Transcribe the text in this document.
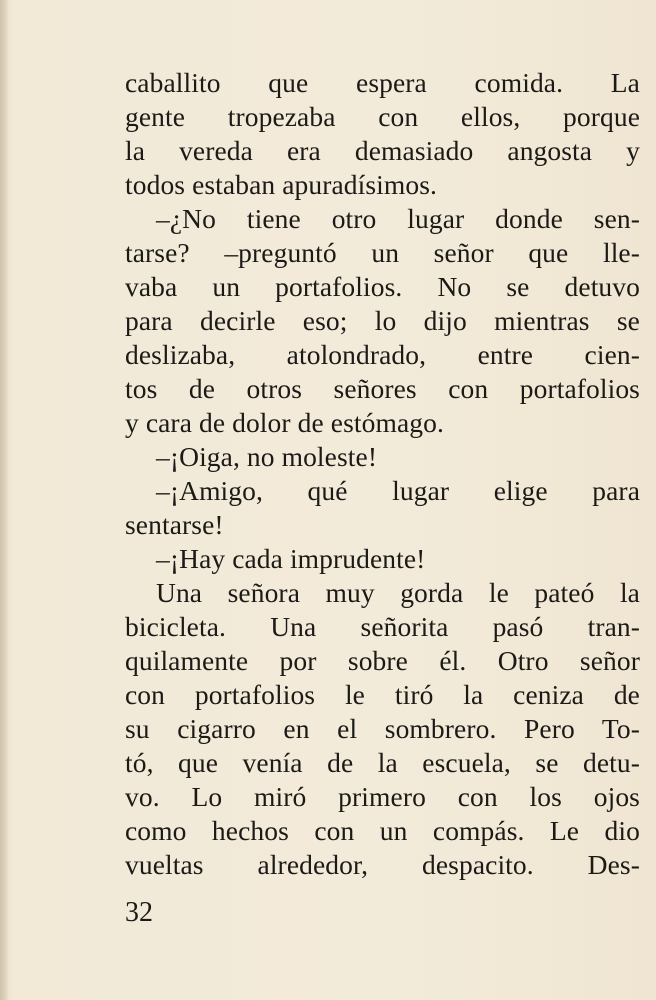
caballito que espera comida. La
gente tropezaba con ellos, porque
la vereda era demasiado angosta y
todos estaban apuradísimos.
–¿No tiene otro lugar donde sen-
tarse? –preguntó un señor que lle-
vaba un portafolios. No se detuvo
para decirle eso; lo dijo mientras se
deslizaba, atolondrado, entre cien-
tos de otros señores con portafolios
y cara de dolor de estómago.
–¡Oiga, no moleste!
–¡Amigo, qué lugar elige para
sentarse!
–¡Hay cada imprudente!
Una señora muy gorda le pateó la
bicicleta. Una señorita pasó tran-
quilamente por sobre él. Otro señor
con portafolios le tiró la ceniza de
su cigarro en el sombrero. Pero To-
tó, que venía de la escuela, se detu-
vo. Lo miró primero con los ojos
como hechos con un compás. Le dio
vueltas alrededor, despacito. Des-
32
